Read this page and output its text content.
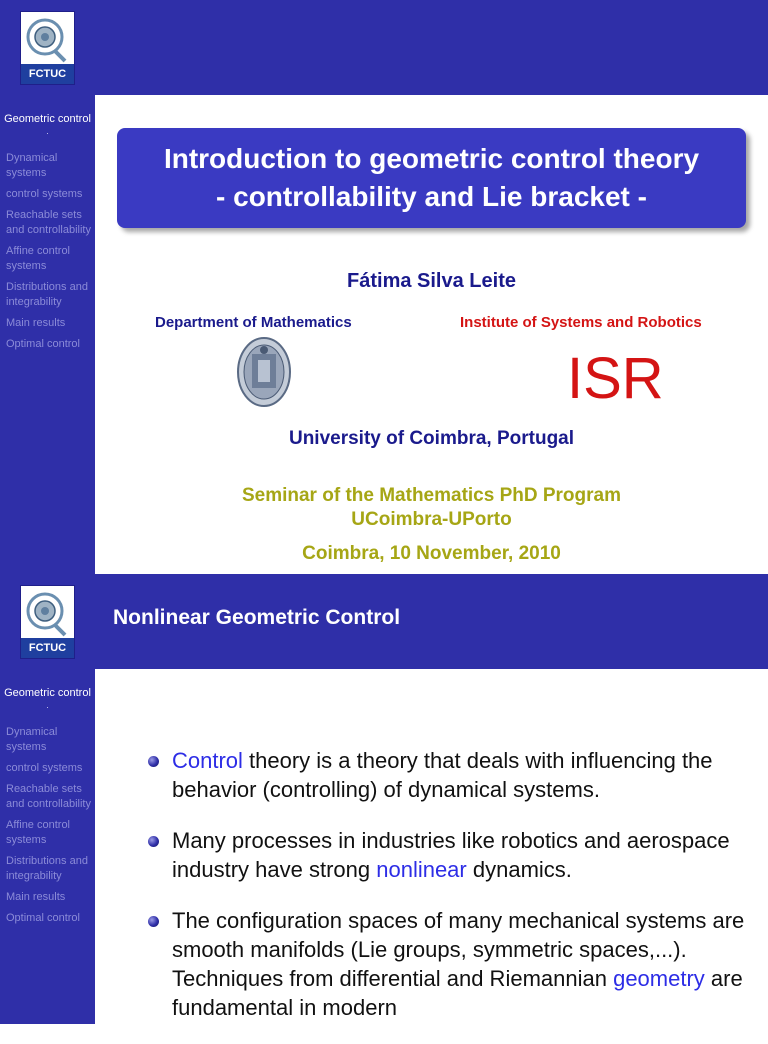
FCTUC
Geometric control
.
Dynamical systems
control systems
Reachable sets and controllability
Affine control systems
Distributions and integrability
Main results
Optimal control
Introduction to geometric control theory
- controllability and Lie bracket -
Fátima Silva Leite
Department of Mathematics	Institute of Systems and Robotics
ISR
University of Coimbra, Portugal
Seminar of the Mathematics PhD Program
UCoimbra-UPorto
Coimbra, 10 November, 2010
FCTUC
Geometric control
.
Dynamical systems
control systems
Reachable sets and controllability
Affine control systems
Distributions and integrability
Main results
Optimal control
Nonlinear Geometric Control
Control theory is a theory that deals with influencing the behavior (controlling) of dynamical systems.
Many processes in industries like robotics and aerospace industry have strong nonlinear dynamics.
The configuration spaces of many mechanical systems are smooth manifolds (Lie groups, symmetric spaces,...). Techniques from differential and Riemannian geometry are fundamental in modern
